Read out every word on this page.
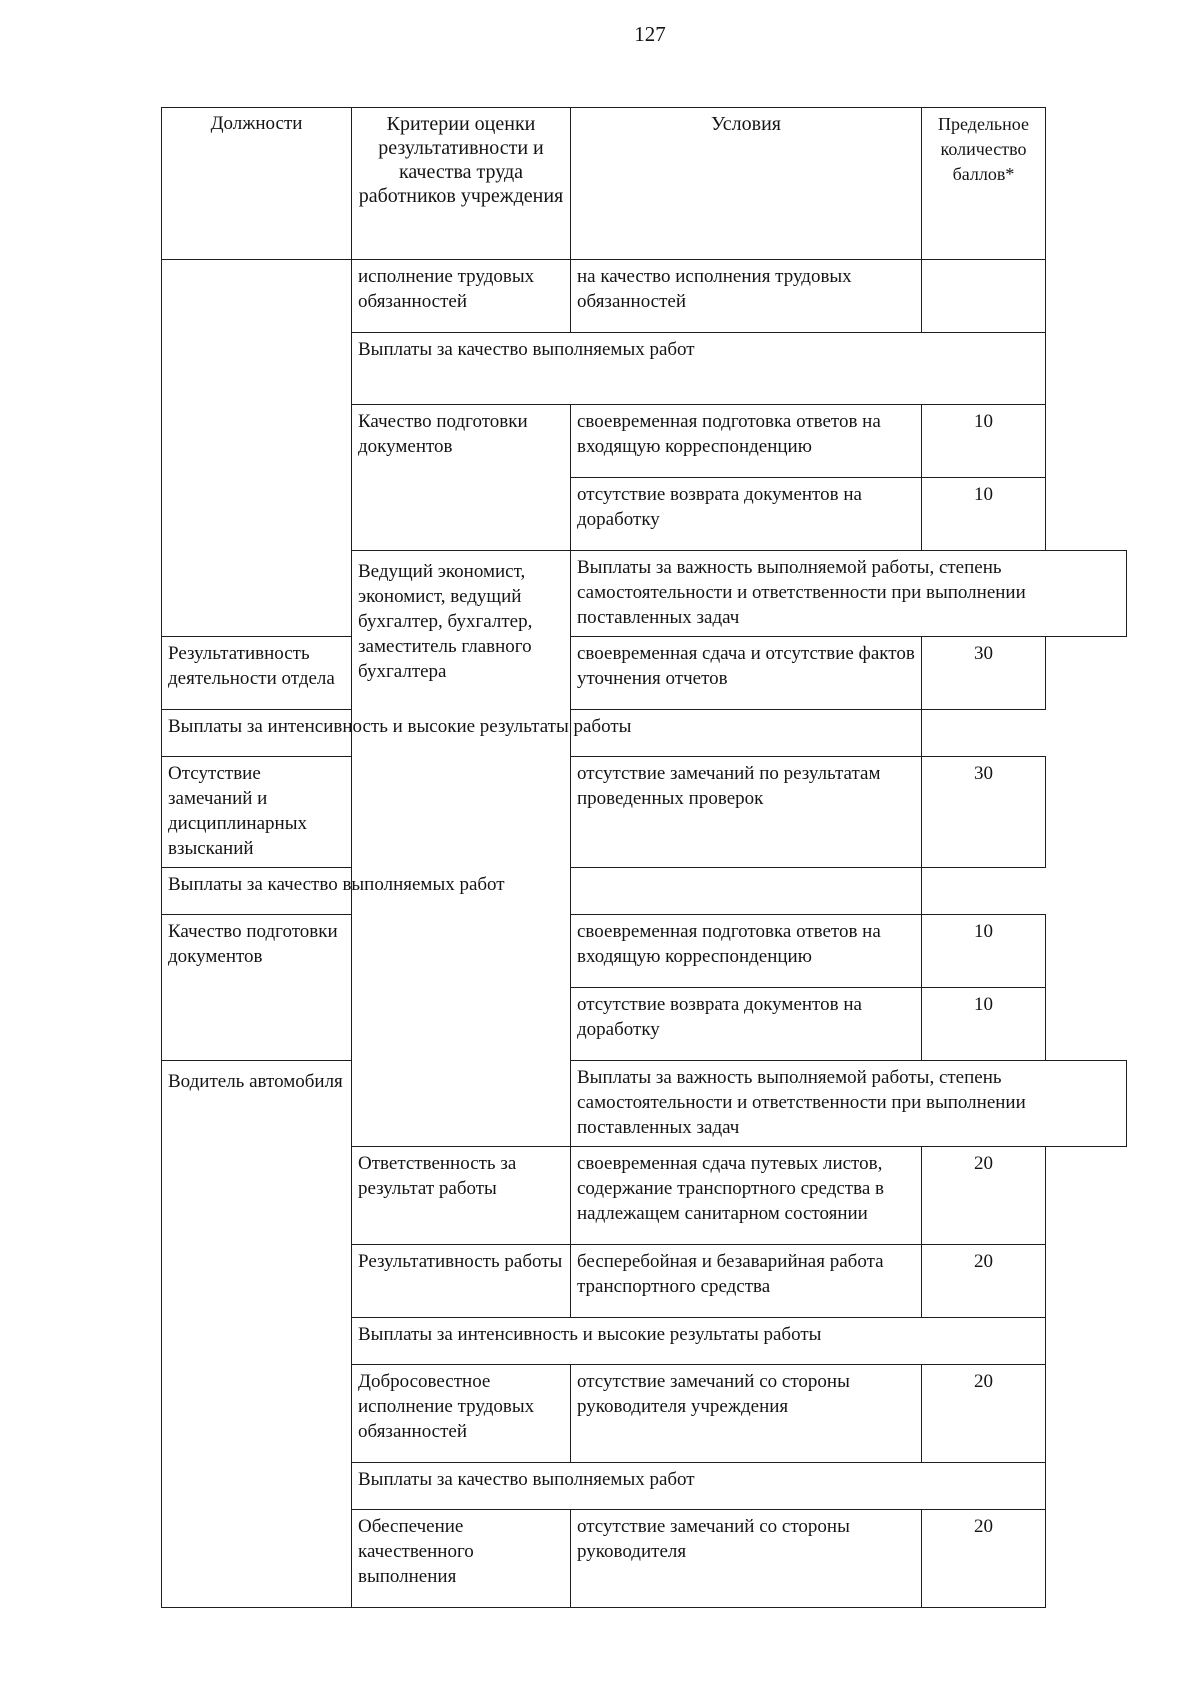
127
Должности	Критерии оценки результативности и качества труда работников учреждения	Условия	Предельное количество баллов*
	исполнение трудовых обязанностей	на качество исполнения трудовых обязанностей	
	Выплаты за качество выполняемых работ		
	Качество подготовки документов	своевременная подготовка ответов на входящую корреспонденцию	10
		отсутствие возврата документов на доработку	10
	Ведущий экономист, экономист, ведущий бухгалтер, бухгалтер, заместитель главного бухгалтера	Выплаты за важность выполняемой работы, степень самостоятельности и ответственности при выполнении поставленных задач	
Результативность деятельности отдела		своевременная сдача и отсутствие фактов уточнения отчетов	30
Выплаты за интенсивность и высокие результаты работы			
Отсутствие замечаний и дисциплинарных взысканий		отсутствие замечаний по результатам проведенных проверок	30
Выплаты за качество выполняемых работ			
Качество подготовки документов		своевременная подготовка ответов на входящую корреспонденцию	10
		отсутствие возврата документов на доработку	10
Водитель автомобиля		Выплаты за важность выполняемой работы, степень самостоятельности и ответственности при выполнении поставленных задач	
	Ответственность за результат работы	своевременная сдача путевых листов, содержание транспортного средства в надлежащем санитарном состоянии	20
	Результативность работы	бесперебойная и безаварийная работа транспортного средства	20
	Выплаты за интенсивность и высокие результаты работы		
	Добросовестное исполнение трудовых обязанностей	отсутствие замечаний со стороны руководителя учреждения	20
	Выплаты за качество выполняемых работ		
	Обеспечение качественного выполнения	отсутствие замечаний со стороны руководителя	20
